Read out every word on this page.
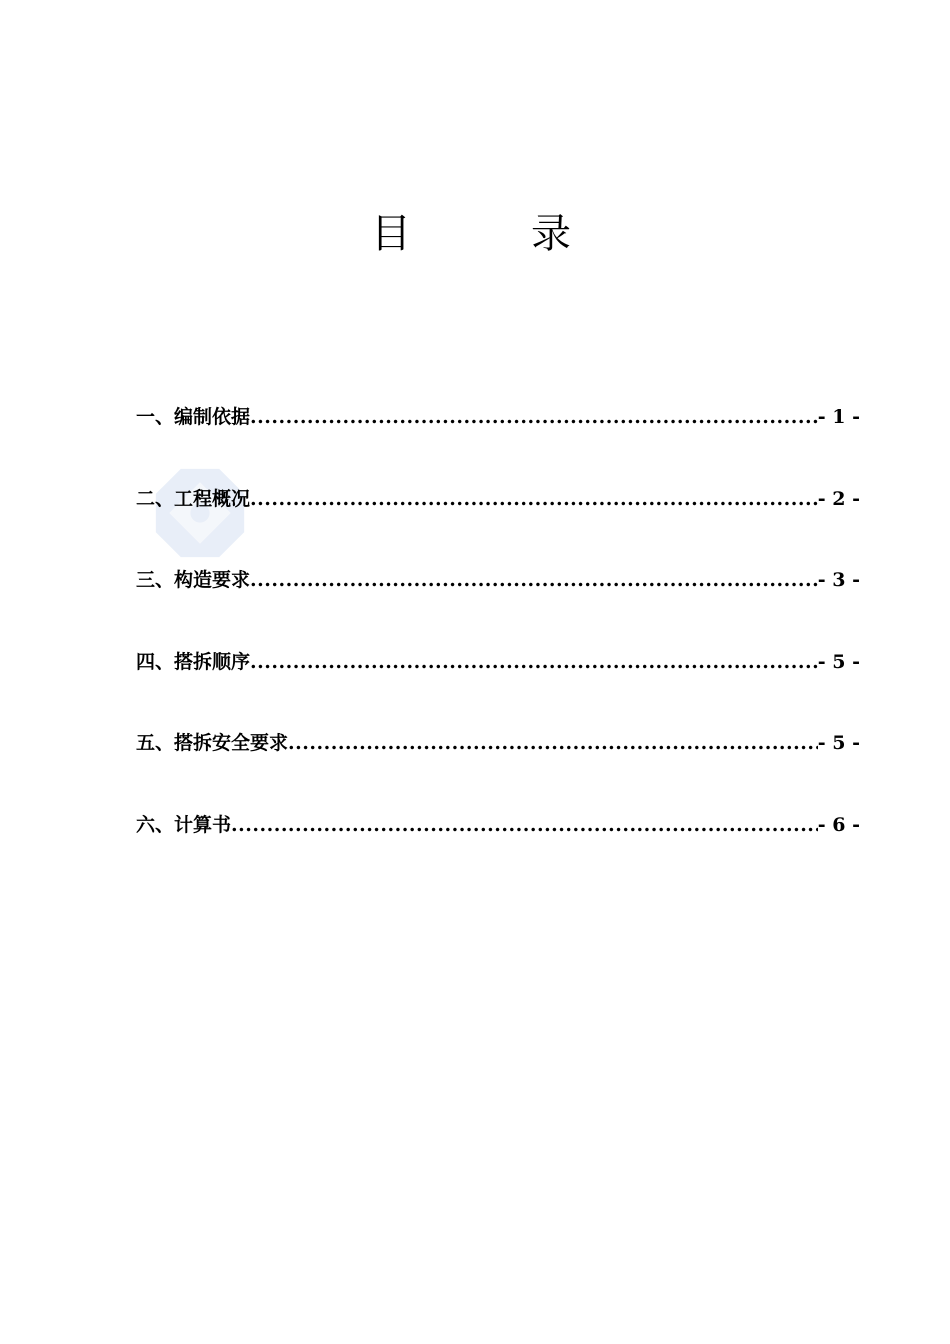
目　录
一、编制依据 .....	- 1 -
二、工程概况 .....	- 2 -
三、构造要求 .....	- 3 -
四、搭拆顺序 .....	- 5 -
五、搭拆安全要求 .....	- 5 -
六、计算书 .....	- 6 -
